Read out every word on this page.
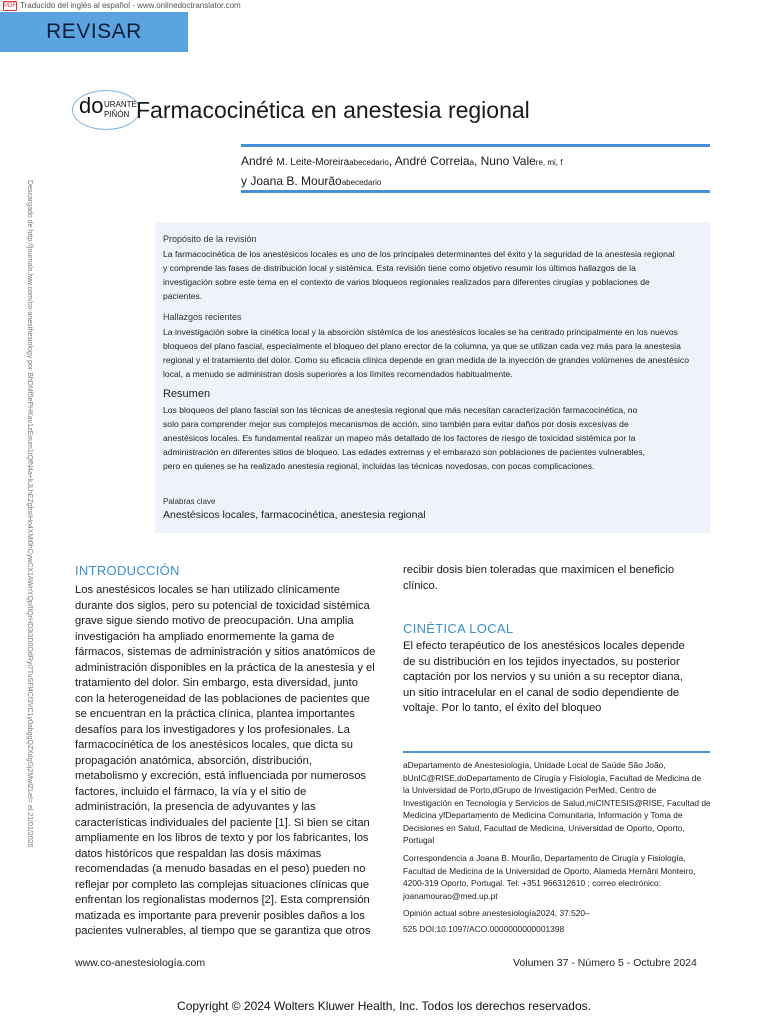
PDF Traducido del inglés al español - www.onlinedoctranslator.com
REVISAR
do URANTE
PIÑÓN Farmacocinética en anestesia regional
André M. Leite-Moreiraabecedario, André Correiaa, Nuno Valere, mi, f
y Joana B. Mourãoabecedario
Descargado de http://journals.lww.com/co-anesthesiology por BhDMf5ePHKav1zEoum1tQfN4a+kJLhEZgbsIHo4XMi0hCywCX1AWnYQp/IlQrHD3i3D0OdRyi7TvSFl4Cf3VC1y0abggQZXdgGj2MwlZLeI= el 21/01/2025	Propósito de la revisión
La farmacocinética de los anestésicos locales es uno de los principales determinantes del éxito y la seguridad de la anestesia regional
y comprende las fases de distribución local y sistémica. Esta revisión tiene como objetivo resumir los últimos hallazgos de la
investigación sobre este tema en el contexto de varios bloqueos regionales realizados para diferentes cirugías y poblaciones de
pacientes.
Hallazgos recientes
La investigación sobre la cinética local y la absorción sistémica de los anestésicos locales se ha centrado principalmente en los nuevos
bloqueos del plano fascial, especialmente el bloqueo del plano erector de la columna, ya que se utilizan cada vez más para la anestesia
regional y el tratamiento del dolor. Como su eficacia clínica depende en gran medida de la inyección de grandes volúmenes de anestésico
local, a menudo se administran dosis superiores a los límites recomendados habitualmente.
Resumen
Los bloqueos del plano fascial son las técnicas de anestesia regional que más necesitan caracterización farmacocinética, no
solo para comprender mejor sus complejos mecanismos de acción, sino también para evitar daños por dosis excesivas de
anestésicos locales. Es fundamental realizar un mapeo más detallado de los factores de riesgo de toxicidad sistémica por la
administración en diferentes sitios de bloqueo. Las edades extremas y el embarazo son poblaciones de pacientes vulnerables,
pero en quienes se ha realizado anestesia regional, incluidas las técnicas novedosas, con pocas complicaciones.
Palabras clave
Anestésicos locales, farmacocinética, anestesia regional
INTRODUCCIÓN
Los anestésicos locales se han utilizado clínicamente
durante dos siglos, pero su potencial de toxicidad sistémica
grave sigue siendo motivo de preocupación. Una amplia
investigación ha ampliado enormemente la gama de
fármacos, sistemas de administración y sitios anatómicos de
administración disponibles en la práctica de la anestesia y el
tratamiento del dolor. Sin embargo, esta diversidad, junto
con la heterogeneidad de las poblaciones de pacientes que
se encuentran en la práctica clínica, plantea importantes
desafíos para los investigadores y los profesionales. La
farmacocinética de los anestésicos locales, que dicta su
propagación anatómica, absorción, distribución,
metabolismo y excreción, está influenciada por numerosos
factores, incluido el fármaco, la vía y el sitio de
administración, la presencia de adyuvantes y las
características individuales del paciente [1]. Si bien se citan
ampliamente en los libros de texto y por los fabricantes, los
datos históricos que respaldan las dosis máximas
recomendadas (a menudo basadas en el peso) pueden no
reflejar por completo las complejas situaciones clínicas que
enfrentan los regionalistas modernos [2]. Esta comprensión
matizada es importante para prevenir posibles daños a los
pacientes vulnerables, al tiempo que se garantiza que otros
recibir dosis bien toleradas que maximicen el beneficio
clínico.
CINÉTICA LOCAL
El efecto terapéutico de los anestésicos locales depende
de su distribución en los tejidos inyectados, su posterior
captación por los nervios y su unión a su receptor diana,
un sitio intracelular en el canal de sodio dependiente de
voltaje. Por lo tanto, el éxito del bloqueo
aDepartamento de Anestesiología, Unidade Local de Saúde São João,
bUnIC@RISE,doDepartamento de Cirugía y Fisiología, Facultad de Medicina de
la Universidad de Porto,dGrupo de Investigación PerMed, Centro de
Investigación en Tecnología y Servicios de Salud,miCINTESIS@RISE, Facultad de
Medicina yfDepartamento de Medicina Comunitaria, Información y Toma de
Decisiones en Salud, Facultad de Medicina, Universidad de Oporto, Oporto,
Portugal
Correspondencia a Joana B. Mourão, Departamento de Cirugía y Fisiología,
Facultad de Medicina de la Universidad de Oporto, Alameda Hernâni Monteiro,
4200-319 Oporto, Portugal. Tel: +351 966312610 ; correo electrónico:
joanamourao@med.up.pt
Opinión actual sobre anestesiología2024, 37:520–
525 DOI:10.1097/ACO.0000000000001398
www.co-anestesiología.com	Volumen 37 - Número 5 - Octubre 2024
Copyright © 2024 Wolters Kluwer Health, Inc. Todos los derechos reservados.
